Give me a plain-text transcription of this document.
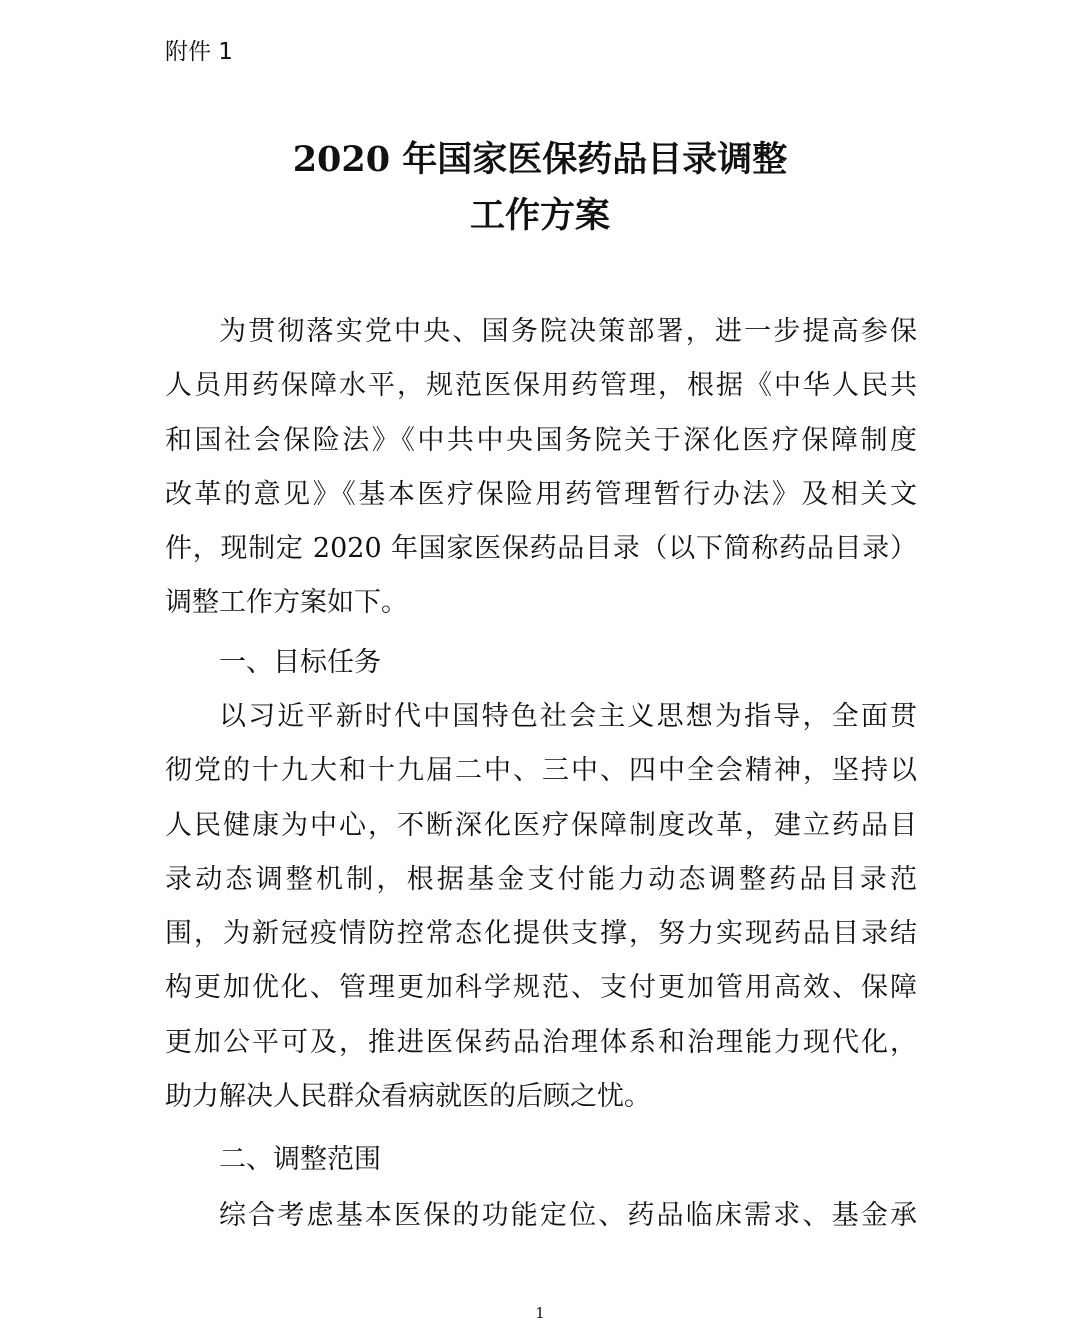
附件 1
2020 年国家医保药品目录调整
工作方案
为贯彻落实党中央、国务院决策部署，进一步提高参保
人员用药保障水平，规范医保用药管理，根据《中华人民共
和国社会保险法》《中共中央国务院关于深化医疗保障制度
改革的意见》《基本医疗保险用药管理暂行办法》及相关文
件，现制定 2020 年国家医保药品目录（以下简称药品目录）
调整工作方案如下。
一、目标任务
以习近平新时代中国特色社会主义思想为指导，全面贯
彻党的十九大和十九届二中、三中、四中全会精神，坚持以
人民健康为中心，不断深化医疗保障制度改革，建立药品目
录动态调整机制，根据基金支付能力动态调整药品目录范
围，为新冠疫情防控常态化提供支撑，努力实现药品目录结
构更加优化、管理更加科学规范、支付更加管用高效、保障
更加公平可及，推进医保药品治理体系和治理能力现代化，
助力解决人民群众看病就医的后顾之忧。
二、调整范围
综合考虑基本医保的功能定位、药品临床需求、基金承
1
